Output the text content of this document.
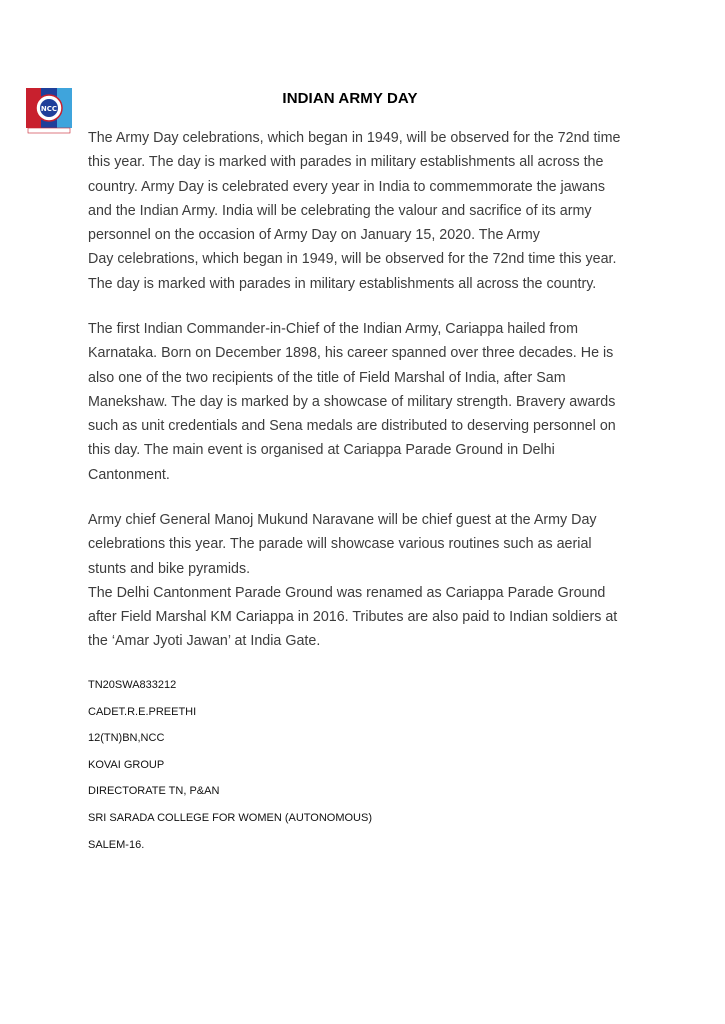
NCC
INDIAN ARMY DAY

The Army Day celebrations, which began in 1949, will be observed for the 72nd time
this year. The day is marked with parades in military establishments all across the
country. Army Day is celebrated every year in India to commemmorate the jawans
and the Indian Army. India will be celebrating the valour and sacrifice of its army
personnel on the occasion of Army Day on January 15, 2020. The Army
Day celebrations, which began in 1949, will be observed for the 72nd time this year.
The day is marked with parades in military establishments all across the country.

The first Indian Commander-in-Chief of the Indian Army, Cariappa hailed from
Karnataka. Born on December 1898, his career spanned over three decades. He is
also one of the two recipients of the title of Field Marshal of India, after Sam
Manekshaw. The day is marked by a showcase of military strength. Bravery awards
such as unit credentials and Sena medals are distributed to deserving personnel on
this day. The main event is organised at Cariappa Parade Ground in Delhi
Cantonment.

Army chief General Manoj Mukund Naravane will be chief guest at the Army Day
celebrations this year. The parade will showcase various routines such as aerial
stunts and bike pyramids.
The Delhi Cantonment Parade Ground was renamed as Cariappa Parade Ground
after Field Marshal KM Cariappa in 2016. Tributes are also paid to Indian soldiers at
the ‘Amar Jyoti Jawan’ at India Gate.

TN20SWA833212
CADET.R.E.PREETHI
12(TN)BN,NCC
KOVAI GROUP
DIRECTORATE TN, P&AN
SRI SARADA COLLEGE FOR WOMEN (AUTONOMOUS)
SALEM-16.
